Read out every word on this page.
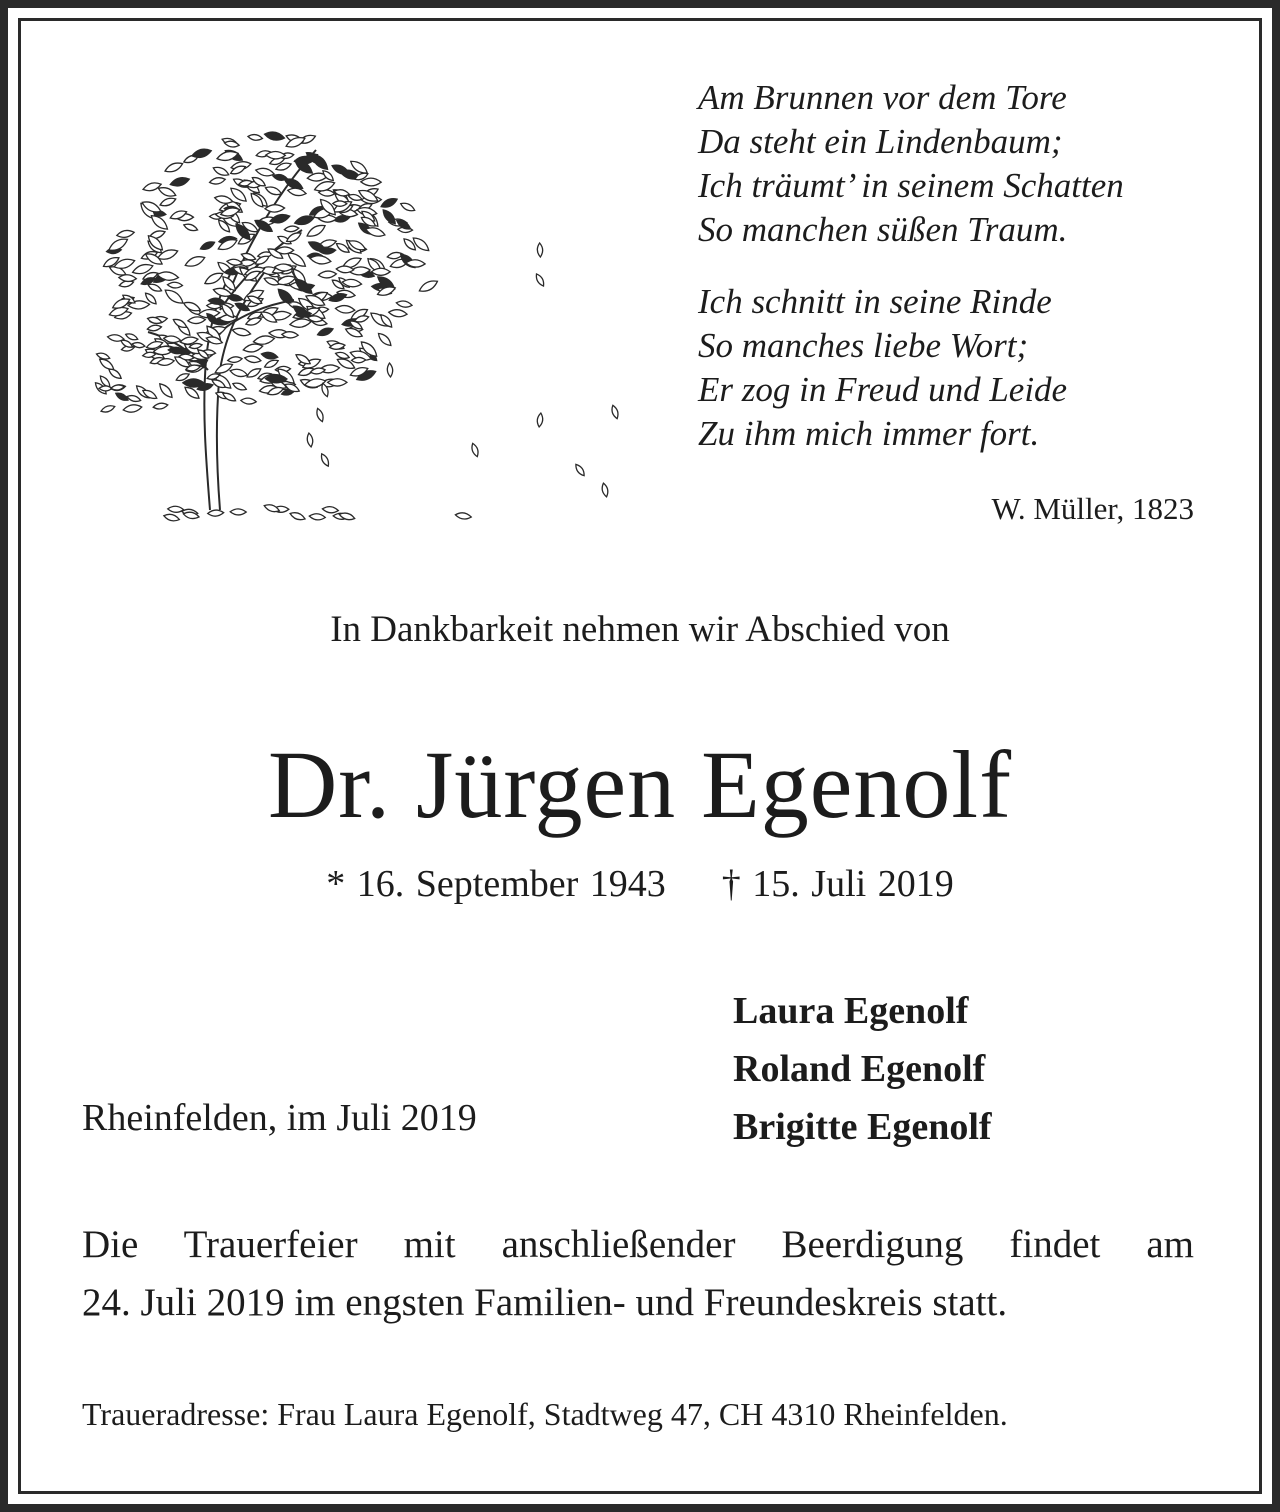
Am Brunnen vor dem Tore
Da steht ein Lindenbaum;
Ich träumt’ in seinem Schatten
So manchen süßen Traum.
Ich schnitt in seine Rinde
So manches liebe Wort;
Er zog in Freud und Leide
Zu ihm mich immer fort.
W. Müller, 1823
In Dankbarkeit nehmen wir Abschied von
Dr. Jürgen Egenolf
* 16. September 1943 † 15. Juli 2019
Laura Egenolf
Roland Egenolf
Brigitte Egenolf
Rheinfelden, im Juli 2019
Die Trauerfeier mit anschließender Beerdigung findet am
24. Juli 2019 im engsten Familien- und Freundeskreis statt.
Traueradresse: Frau Laura Egenolf, Stadtweg 47, CH 4310 Rheinfelden.
